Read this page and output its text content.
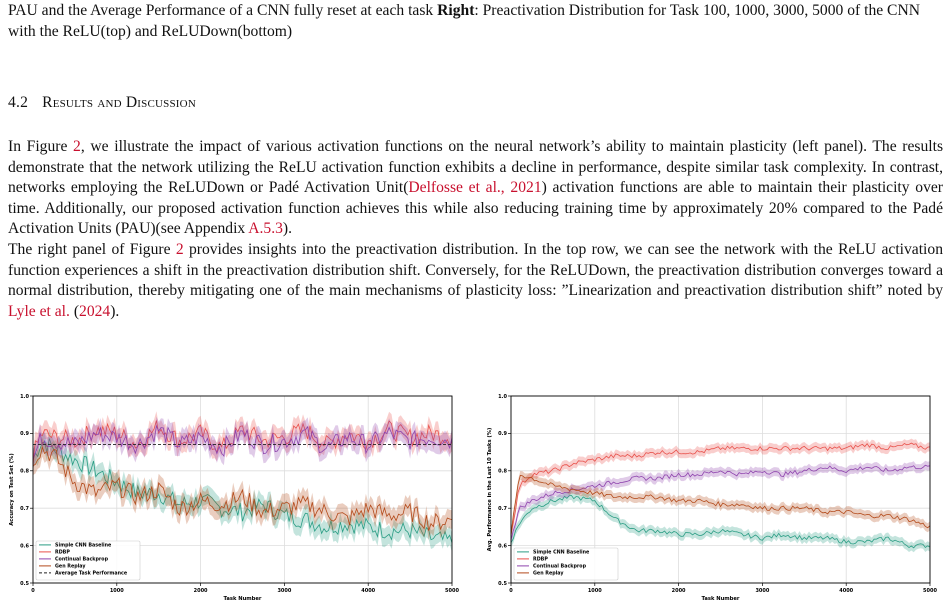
PAU and the Average Performance of a CNN fully reset at each task Right: Preactivation Distribution for Task 100, 1000, 3000, 5000 of the CNN with the ReLU(top) and ReLUDown(bottom)
4.2 Results and Discussion

In Figure 2, we illustrate the impact of various activation functions on the neural network’s ability to maintain plasticity (left panel). The results demonstrate that the network utilizing the ReLU activation function exhibits a decline in performance, despite similar task complexity. In contrast, networks employing the ReLUDown or Padé Activation Unit(Delfosse et al., 2021) activation functions are able to maintain their plasticity over time. Additionally, our proposed activation function achieves this while also reducing training time by approximately 20% compared to the Padé Activation Units (PAU)(see Appendix A.5.3).

The right panel of Figure 2 provides insights into the preactivation distribution. In the top row, we can see the network with the ReLU activation function experiences a shift in the preactivation distribution shift. Conversely, for the ReLUDown, the preactivation distribution converges toward a normal distribution, thereby mitigating one of the main mechanisms of plasticity loss: ”Linearization and preactivation distribution shift” noted by Lyle et al. (2024).

0	1000	2000	3000	4000	5000
0.5
0.6
0.7
0.8
0.9
1.0
Task Number
Accuracy on Test Set (%)
Simple CNN Baseline
RDBP
Continual Backprop
Gen Replay
Average Task Performance
0	1000	2000	3000	4000	5000
0.5
0.6
0.7
0.8
0.9
1.0
Task Number
Avg. Performance in the Last 10 Tasks (%)
Simple CNN Baseline
RDBP
Continual Backprop
Gen Replay
